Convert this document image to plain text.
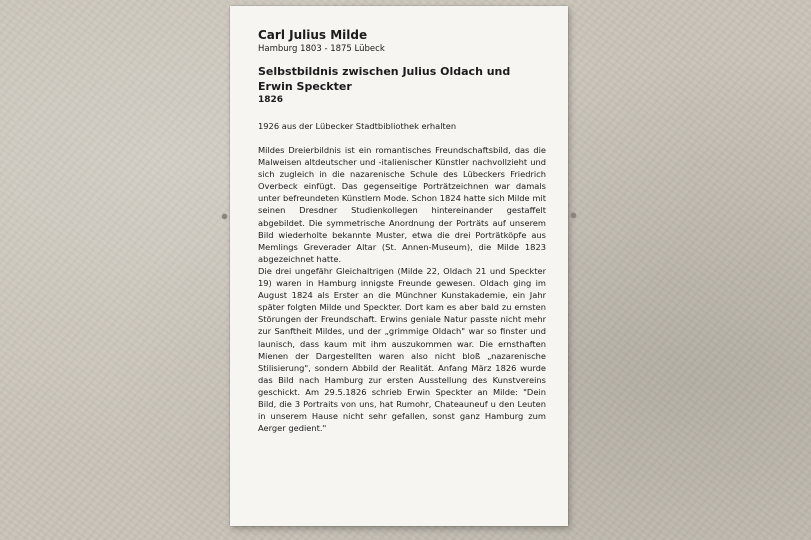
Carl Julius Milde
Hamburg 1803 - 1875 Lübeck
Selbstbildnis zwischen Julius Oldach und Erwin Speckter
1826
1926 aus der Lübecker Stadtbibliothek erhalten

Mildes Dreierbildnis ist ein romantisches Freundschaftsbild, das die Malweisen altdeutscher und -italienischer Künstler nachvollzieht und sich zugleich in die nazarenische Schule des Lübeckers Friedrich Overbeck einfügt. Das gegenseitige Porträtzeichnen war damals unter befreundeten Künstlern Mode. Schon 1824 hatte sich Milde mit seinen Dresdner Studienkollegen hintereinander gestaffelt abgebildet. Die symmetrische Anordnung der Porträts auf unserem Bild wiederholte bekannte Muster, etwa die drei Porträtköpfe aus Memlings Greverader Altar (St. Annen-Museum), die Milde 1823 abgezeichnet hatte.

Die drei ungefähr Gleichaltrigen (Milde 22, Oldach 21 und Speckter 19) waren in Hamburg innigste Freunde gewesen. Oldach ging im August 1824 als Erster an die Münchner Kunstakademie, ein Jahr später folgten Milde und Speckter. Dort kam es aber bald zu ernsten Störungen der Freundschaft. Erwins geniale Natur passte nicht mehr zur Sanftheit Mildes, und der „grimmige Oldach" war so finster und launisch, dass kaum mit ihm auszukommen war. Die ernsthaften Mienen der Dargestellten waren also nicht bloß „nazarenische Stilisierung", sondern Abbild der Realität. Anfang März 1826 wurde das Bild nach Hamburg zur ersten Ausstellung des Kunstvereins geschickt. Am 29.5.1826 schrieb Erwin Speckter an Milde: "Dein Bild, die 3 Portraits von uns, hat Rumohr, Chateauneuf u den Leuten in unserem Hause nicht sehr gefallen, sonst ganz Hamburg zum Aerger gedient."
